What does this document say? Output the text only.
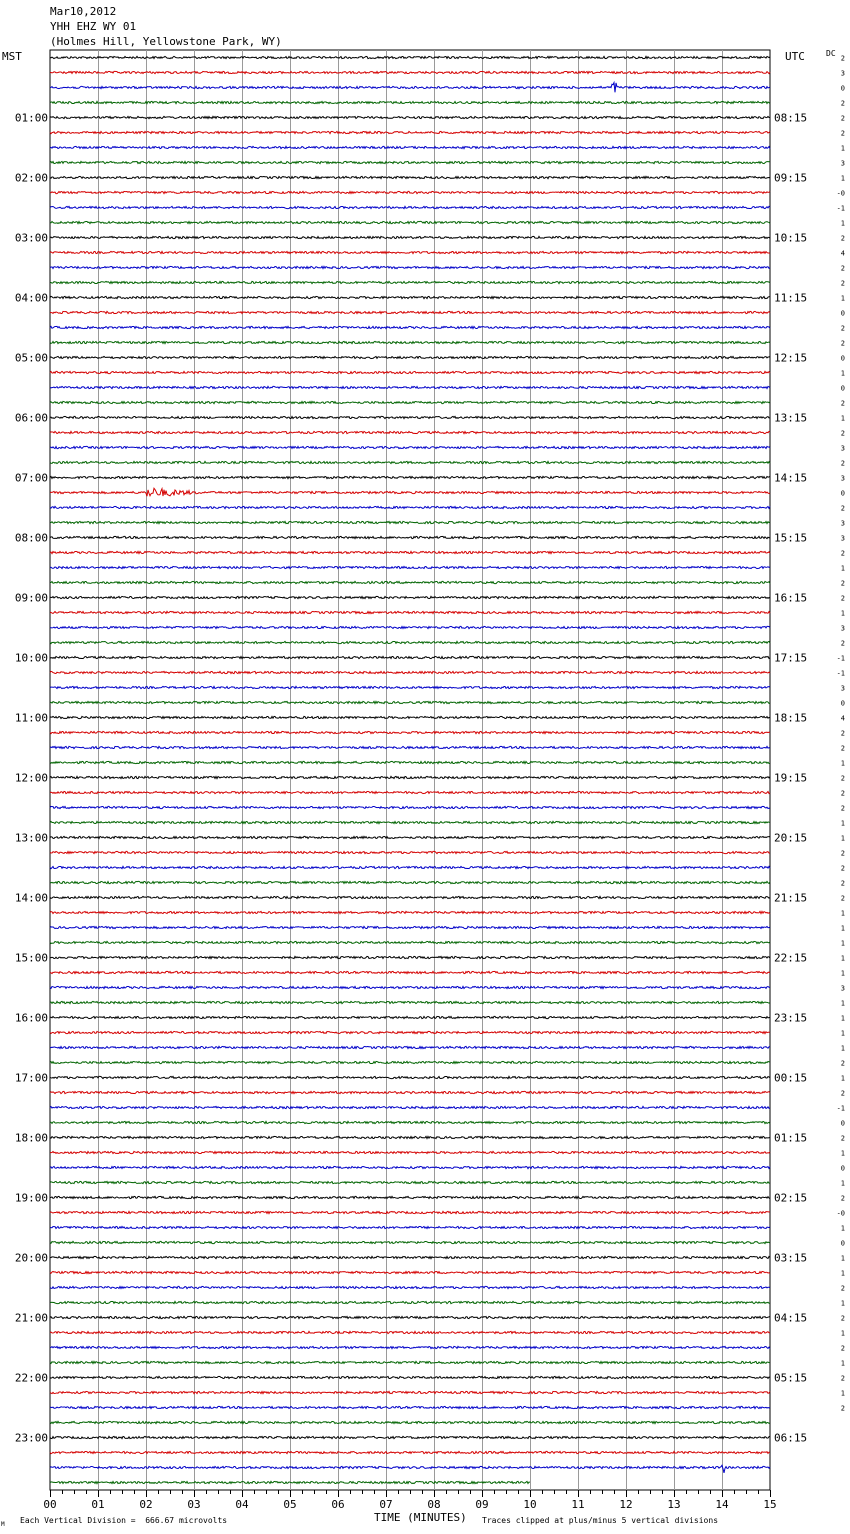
Mar10,2012
YHH EHZ WY 01
(Holmes Hill, Yellowstone Park, WY)
MST	UTC	DC
01:00	08:15
02:00	09:15
03:00	10:15
04:00	11:15
05:00	12:15
06:00	13:15
07:00	14:15
08:00	15:15
09:00	16:15
10:00	17:15
11:00	18:15
12:00	19:15
13:00	20:15
14:00	21:15
15:00	22:15
16:00	23:15
17:00	00:15
18:00	01:15
19:00	02:15
20:00	03:15
21:00	04:15
22:00	05:15
23:00	06:15
2
3
0
2
2
2
1
3
1
-0
-1
1
2
4
2
2
1
0
2
2
0
1
0
2
1
2
3
2
3
0
2
3
3
2
1
2
2
1
3
2
-1
-1
3
0
4
2
2
1
2
2
2
1
1
2
2
2
2
1
1
1
1
1
3
1
1
1
1
2
1
2
-1
0
2
1
0
1
2
-0
1
0
1
1
2
1
2
1
2
1
2
1
2
00	01	02	03	04	05	06	07	08	09	10	11	12	13	14	15
TIME (MINUTES)
Each Vertical Division =  666.67 microvolts	Traces clipped at plus/minus 5 vertical divisions
M
